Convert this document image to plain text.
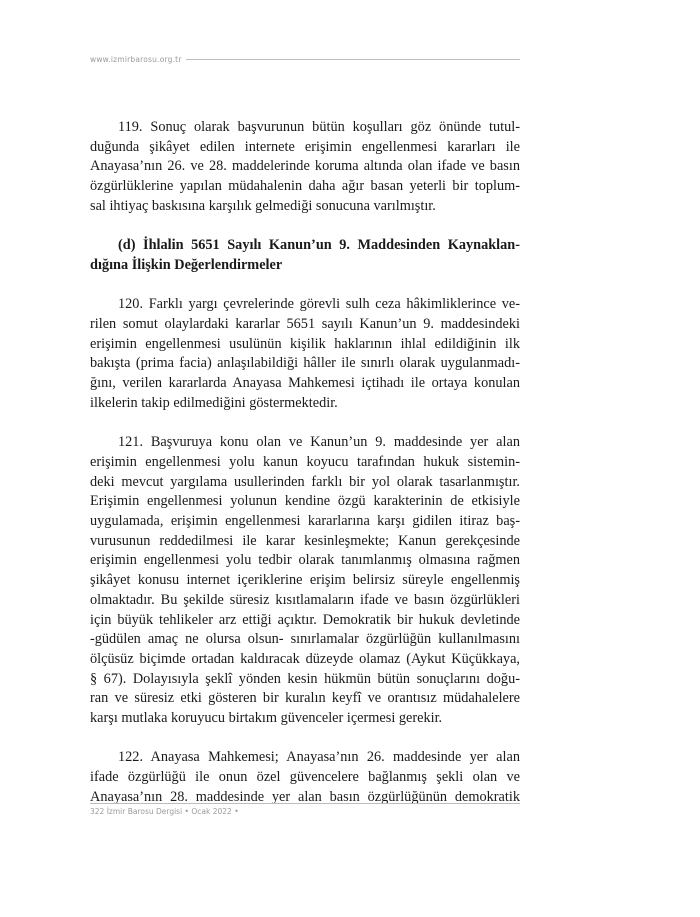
www.izmirbarosu.org.tr

119. Sonuç olarak başvurunun bütün koşulları göz önünde tutul-
duğunda şikâyet edilen internete erişimin engellenmesi kararları ile
Anayasa’nın 26. ve 28. maddelerinde koruma altında olan ifade ve basın
özgürlüklerine yapılan müdahalenin daha ağır basan yeterli bir toplum-
sal ihtiyaç baskısına karşılık gelmediği sonucuna varılmıştır.

(d) İhlalin 5651 Sayılı Kanun’un 9. Maddesinden Kaynaklan-
dığına İlişkin Değerlendirmeler

120. Farklı yargı çevrelerinde görevli sulh ceza hâkimliklerince ve-
rilen somut olaylardaki kararlar 5651 sayılı Kanun’un 9. maddesindeki
erişimin engellenmesi usulünün kişilik haklarının ihlal edildiğinin ilk
bakışta (prima facia) anlaşılabildiği hâller ile sınırlı olarak uygulanmadı-
ğını, verilen kararlarda Anayasa Mahkemesi içtihadı ile ortaya konulan
ilkelerin takip edilmediğini göstermektedir.

121. Başvuruya konu olan ve Kanun’un 9. maddesinde yer alan
erişimin engellenmesi yolu kanun koyucu tarafından hukuk sistemin-
deki mevcut yargılama usullerinden farklı bir yol olarak tasarlanmıştır.
Erişimin engellenmesi yolunun kendine özgü karakterinin de etkisiyle
uygulamada, erişimin engellenmesi kararlarına karşı gidilen itiraz baş-
vurusunun reddedilmesi ile karar kesinleşmekte; Kanun gerekçesinde
erişimin engellenmesi yolu tedbir olarak tanımlanmış olmasına rağmen
şikâyet konusu internet içeriklerine erişim belirsiz süreyle engellenmiş
olmaktadır. Bu şekilde süresiz kısıtlamaların ifade ve basın özgürlükleri
için büyük tehlikeler arz ettiği açıktır. Demokratik bir hukuk devletinde
-güdülen amaç ne olursa olsun- sınırlamalar özgürlüğün kullanılmasını
ölçüsüz biçimde ortadan kaldıracak düzeyde olamaz (Aykut Küçükkaya,
§ 67). Dolayısıyla şeklî yönden kesin hükmün bütün sonuçlarını doğu-
ran ve süresiz etki gösteren bir kuralın keyfî ve orantısız müdahalelere
karşı mutlaka koruyucu birtakım güvenceler içermesi gerekir.

122. Anayasa Mahkemesi; Anayasa’nın 26. maddesinde yer alan
ifade özgürlüğü ile onun özel güvencelere bağlanmış şekli olan ve
Anayasa’nın 28. maddesinde yer alan basın özgürlüğünün demokratik

322 İzmir Barosu Dergisi • Ocak 2022 •
